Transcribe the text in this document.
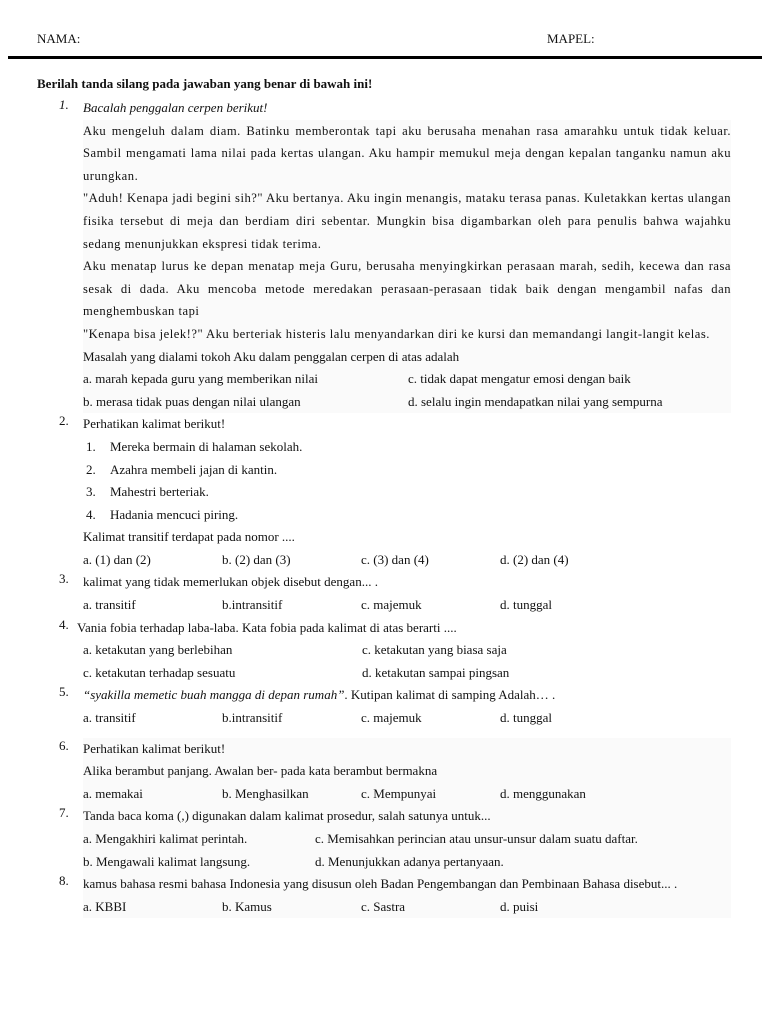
NAMA:	MAPEL:
Berilah tanda silang pada jawaban yang benar di bawah ini!
1. Bacalah penggalan cerpen berikut!

Aku mengeluh dalam diam. Batinku memberontak tapi aku berusaha menahan rasa amarahku untuk tidak keluar. Sambil mengamati lama nilai pada kertas ulangan. Aku hampir memukul meja dengan kepalan tanganku namun aku urungkan.

"Aduh! Kenapa jadi begini sih?" Aku bertanya. Aku ingin menangis, mataku terasa panas. Kuletakkan kertas ulangan fisika tersebut di meja dan berdiam diri sebentar. Mungkin bisa digambarkan oleh para penulis bahwa wajahku sedang menunjukkan ekspresi tidak terima.

Aku menatap lurus ke depan menatap meja Guru, berusaha menyingkirkan perasaan marah, sedih, kecewa dan rasa sesak di dada. Aku mencoba metode meredakan perasaan-perasaan tidak baik dengan mengambil nafas dan menghembuskan tapi

"Kenapa bisa jelek!?" Aku berteriak histeris lalu menyandarkan diri ke kursi dan memandangi langit-langit kelas.

Masalah yang dialami tokoh Aku dalam penggalan cerpen di atas adalah
a. marah kepada guru yang memberikan nilai	c. tidak dapat mengatur emosi dengan baik
b. merasa tidak puas dengan nilai ulangan	d. selalu ingin mendapatkan nilai yang sempurna
2. Perhatikan kalimat berikut!
1. Mereka bermain di halaman sekolah.
2. Azahra membeli jajan di kantin.
3. Mahestri berteriak.
4. Hadania mencuci piring.
Kalimat transitif terdapat pada nomor ....
a. (1) dan (2)	b. (2) dan (3)	c. (3) dan (4)	d. (2) dan (4)
3. kalimat yang tidak memerlukan objek disebut dengan... .
a. transitif	b.intransitif	c. majemuk	d. tunggal
4. Vania fobia terhadap laba-laba. Kata fobia pada kalimat di atas berarti ....
a. ketakutan yang berlebihan	c. ketakutan yang biasa saja
c. ketakutan terhadap sesuatu	d. ketakutan sampai pingsan
5. “syakilla memetic buah mangga di depan rumah”. Kutipan kalimat di samping Adalah… .
a. transitif	b.intransitif	c. majemuk	d. tunggal
6. Perhatikan kalimat berikut!
Alika berambut panjang. Awalan ber- pada kata berambut bermakna
a. memakai	b. Menghasilkan	c. Mempunyai	d. menggunakan
7. Tanda baca koma (,) digunakan dalam kalimat prosedur, salah satunya untuk...
a. Mengakhiri kalimat perintah.	c. Memisahkan perincian atau unsur-unsur dalam suatu daftar.
b. Mengawali kalimat langsung.	d. Menunjukkan adanya pertanyaan.
8. kamus bahasa resmi bahasa Indonesia yang disusun oleh Badan Pengembangan dan Pembinaan Bahasa disebut... .
a. KBBI	b. Kamus	c. Sastra	d. puisi
